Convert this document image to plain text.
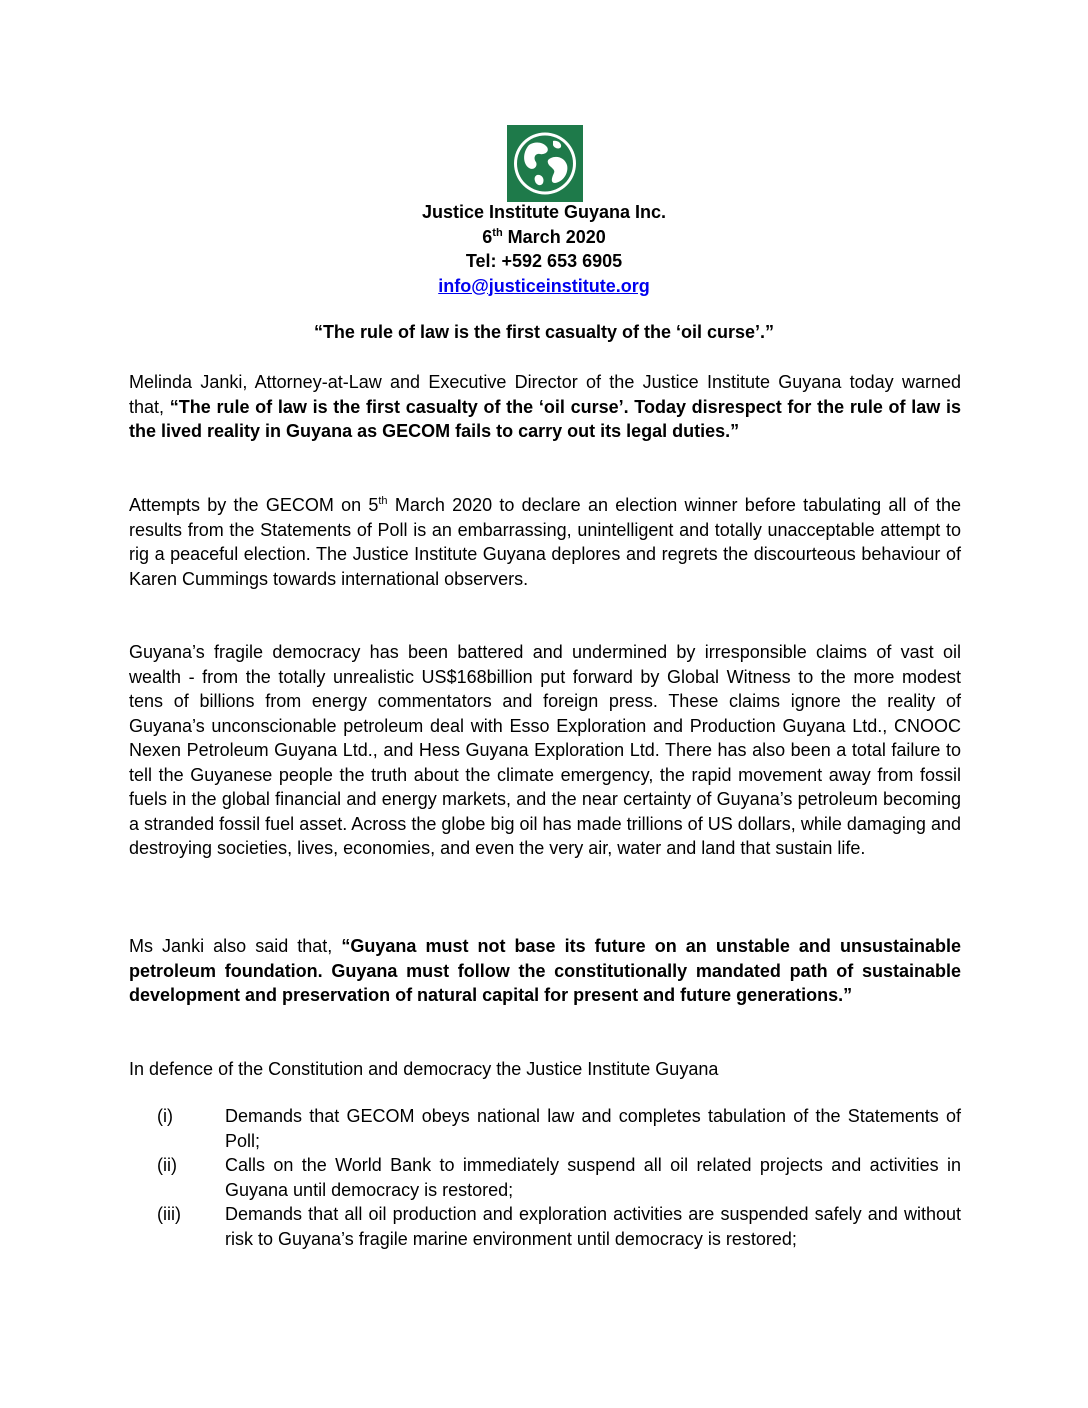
Justice Institute Guyana Inc.
6th March 2020
Tel: +592 653 6905
info@justiceinstitute.org
“The rule of law is the first casualty of the ‘oil curse’.”

Melinda Janki, Attorney-at-Law and Executive Director of the Justice Institute Guyana today warned that, “The rule of law is the first casualty of the ‘oil curse’. Today disrespect for the rule of law is the lived reality in Guyana as GECOM fails to carry out its legal duties.”

Attempts by the GECOM on 5th March 2020 to declare an election winner before tabulating all of the results from the Statements of Poll is an embarrassing, unintelligent and totally unacceptable attempt to rig a peaceful election. The Justice Institute Guyana deplores and regrets the discourteous behaviour of Karen Cummings towards international observers.

Guyana’s fragile democracy has been battered and undermined by irresponsible claims of vast oil wealth - from the totally unrealistic US$168billion put forward by Global Witness to the more modest tens of billions from energy commentators and foreign press. These claims ignore the reality of Guyana’s unconscionable petroleum deal with Esso Exploration and Production Guyana Ltd., CNOOC Nexen Petroleum Guyana Ltd., and Hess Guyana Exploration Ltd. There has also been a total failure to tell the Guyanese people the truth about the climate emergency, the rapid movement away from fossil fuels in the global financial and energy markets, and the near certainty of Guyana’s petroleum becoming a stranded fossil fuel asset. Across the globe big oil has made trillions of US dollars, while damaging and destroying societies, lives, economies, and even the very air, water and land that sustain life.

Ms Janki also said that, “Guyana must not base its future on an unstable and unsustainable petroleum foundation. Guyana must follow the constitutionally mandated path of sustainable development and preservation of natural capital for present and future generations.”

In defence of the Constitution and democracy the Justice Institute Guyana

(i)	Demands that GECOM obeys national law and completes tabulation of the Statements of Poll;
(ii)	Calls on the World Bank to immediately suspend all oil related projects and activities in Guyana until democracy is restored;
(iii) Demands that all oil production and exploration activities are suspended safely and without risk to Guyana’s fragile marine environment until democracy is restored;
